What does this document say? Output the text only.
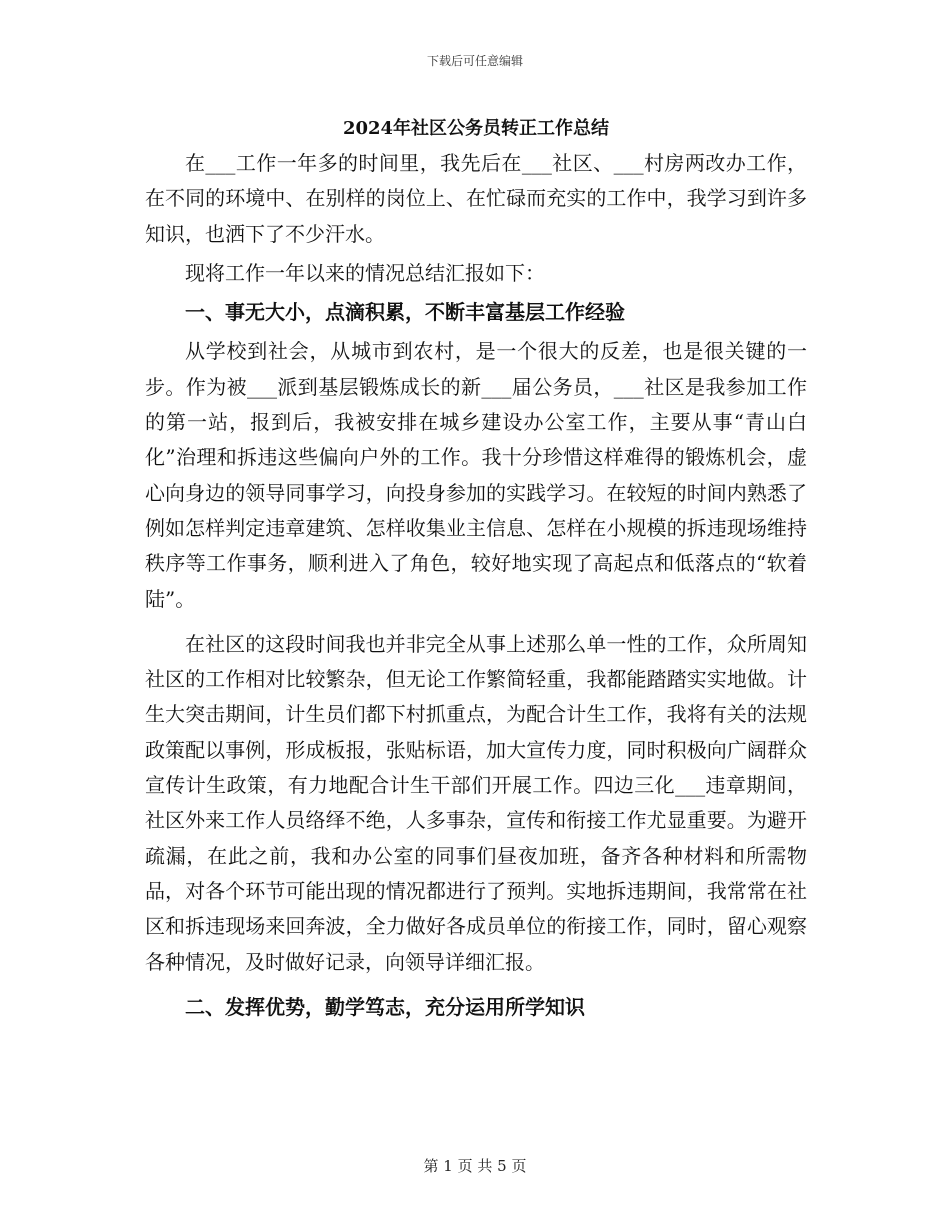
下载后可任意编辑
2024年社区公务员转正工作总结

在___工作一年多的时间里，我先后在___社区、___村房两改办工作，在不同的环境中、在别样的岗位上、在忙碌而充实的工作中，我学习到许多知识，也洒下了不少汗水。

现将工作一年以来的情况总结汇报如下：

一、事无大小，点滴积累，不断丰富基层工作经验

从学校到社会，从城市到农村，是一个很大的反差，也是很关键的一步。作为被___派到基层锻炼成长的新___届公务员，___社区是我参加工作的第一站，报到后，我被安排在城乡建设办公室工作，主要从事“青山白化”治理和拆违这些偏向户外的工作。我十分珍惜这样难得的锻炼机会，虚心向身边的领导同事学习，向投身参加的实践学习。在较短的时间内熟悉了例如怎样判定违章建筑、怎样收集业主信息、怎样在小规模的拆违现场维持秩序等工作事务，顺利进入了角色，较好地实现了高起点和低落点的“软着陆”。

在社区的这段时间我也并非完全从事上述那么单一性的工作，众所周知社区的工作相对比较繁杂，但无论工作繁简轻重，我都能踏踏实实地做。计生大突击期间，计生员们都下村抓重点，为配合计生工作，我将有关的法规政策配以事例，形成板报，张贴标语，加大宣传力度，同时积极向广阔群众宣传计生政策，有力地配合计生干部们开展工作。四边三化___违章期间，社区外来工作人员络绎不绝，人多事杂，宣传和衔接工作尤显重要。为避开疏漏，在此之前，我和办公室的同事们昼夜加班，备齐各种材料和所需物品，对各个环节可能出现的情况都进行了预判。实地拆违期间，我常常在社区和拆违现场来回奔波，全力做好各成员单位的衔接工作，同时，留心观察各种情况，及时做好记录，向领导详细汇报。

二、发挥优势，勤学笃志，充分运用所学知识

第 1 页 共 5 页
